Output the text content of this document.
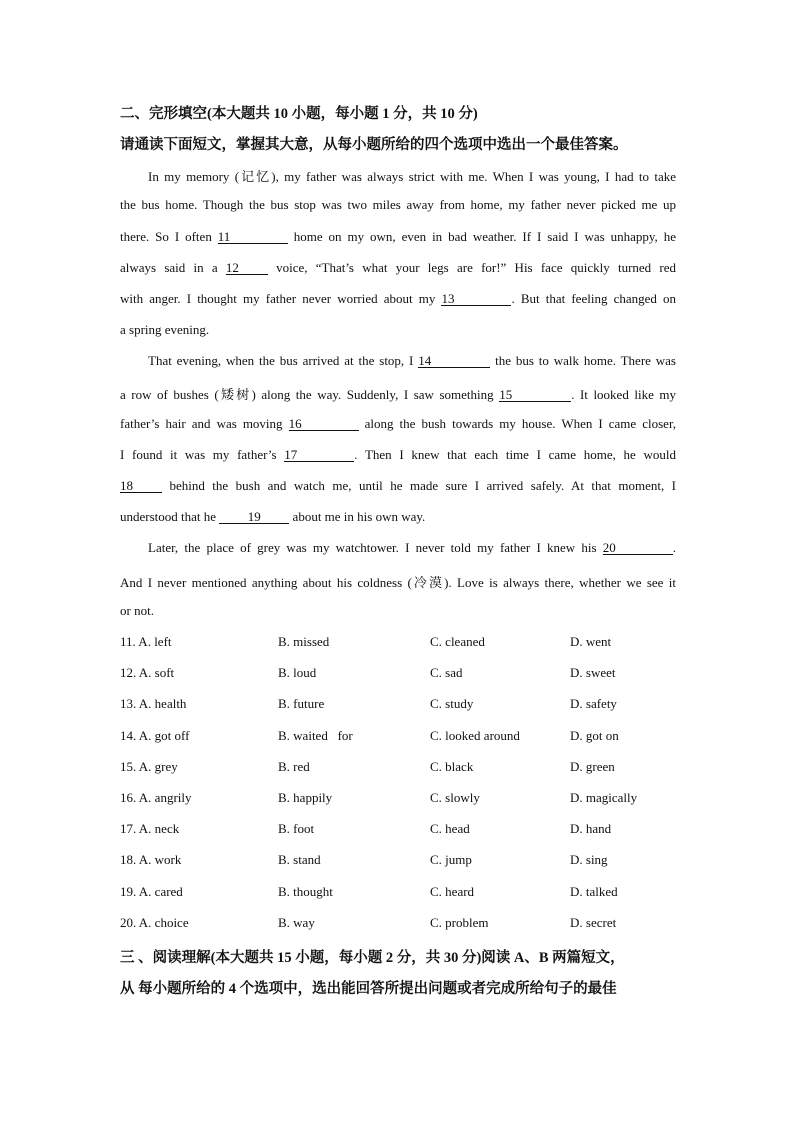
二、完形填空(本大题共 10 小题，每小题 1 分，共 10 分)
请通读下面短文，掌握其大意，从每小题所给的四个选项中选出一个最佳答案。
In my memory (记忆), my father was always strict with me. When I was young, I had to take
the bus home. Though the bus stop was two miles away from home, my father never picked me up
there. So I often 11	home on my own, even in bad weather. If I said I was unhappy, he
always said in a 12 voice, “That’s what your legs are for!” His face quickly turned red
with anger. I thought my father never worried about my 13	. But that feeling changed on
a spring evening.
That evening, when the bus arrived at the stop, I 14	the bus to walk home. There was
a row of bushes (矮树) along the way. Suddenly, I saw something 15	. It looked like my
father’s hair and was moving 16	along the bush towards my house. When I came closer,
I found it was my father’s 17	. Then I knew that each time I came home, he would
18 behind the bush and watch me, until he made sure I arrived safely. At that moment, I
understood that he 19 about me in his own way.
Later, the place of grey was my watchtower. I never told my father I knew his 20	.
And I never mentioned anything about his coldness (冷漠). Love is always there, whether we see it
or not.
11. A. left	B. missed	C. cleaned	D. went
12. A. soft	B. loud	C. sad	D. sweet
13. A. health	B. future	C. study	D. safety
14. A. got off	B. waited   for	C. looked around	D. got on
15. A. grey	B. red	C. black	D. green
16. A. angrily	B. happily	C. slowly	D. magically
17. A. neck	B. foot	C. head	D. hand
18. A. work	B. stand	C. jump	D. sing
19. A. cared	B. thought	C. heard	D. talked
20. A. choice	B. way	C. problem	D. secret
三 、阅读理解(本大题共 15 小题，每小题 2 分，共 30 分)阅读 A、B 两篇短文，
从 每小题所给的 4 个选项中，选出能回答所提出问题或者完成所给句子的最佳
